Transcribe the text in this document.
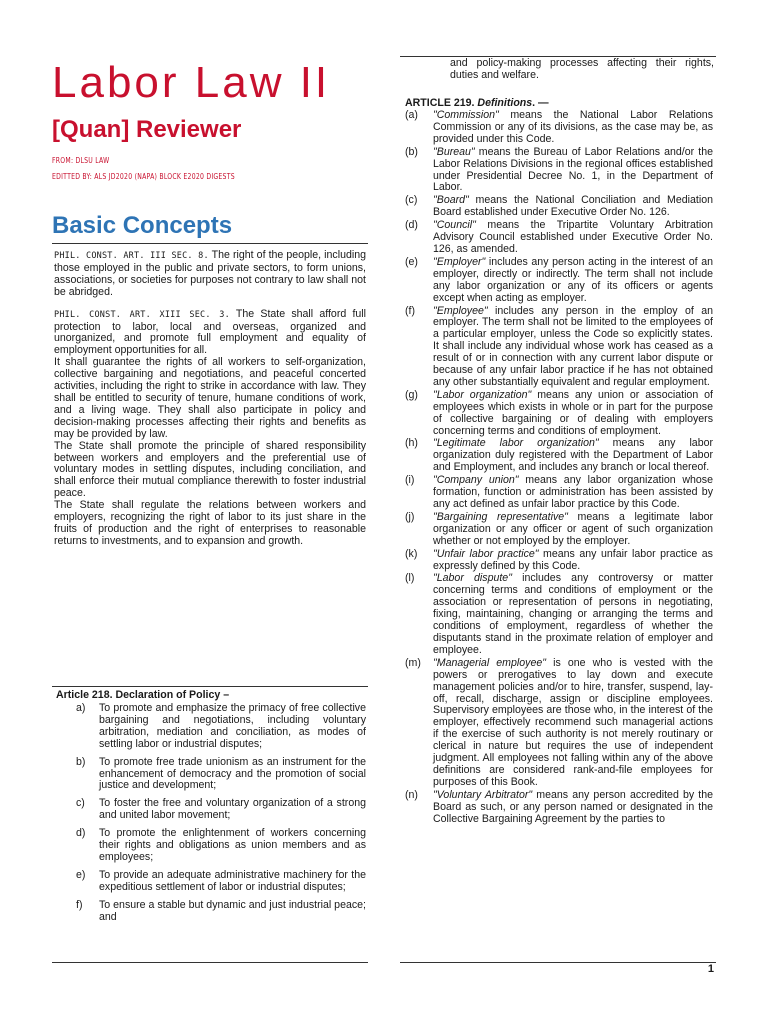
Labor Law II
[Quan] Reviewer
FROM: DLSU LAW
EDITTED BY: ALS JD2020 (NAPA) BLOCK E2020 DIGESTS
Basic Concepts

PHIL. CONST. ART. III SEC. 8. The right of the people, including those employed in the public and private sectors, to form unions, associations, or societies for purposes not contrary to law shall not be abridged.

PHIL. CONST. ART. XIII SEC. 3. The State shall afford full protection to labor, local and overseas, organized and unorganized, and promote full employment and equality of employment opportunities for all.

It shall guarantee the rights of all workers to self-organization, collective bargaining and negotiations, and peaceful concerted activities, including the right to strike in accordance with law. They shall be entitled to security of tenure, humane conditions of work, and a living wage. They shall also participate in policy and decision-making processes affecting their rights and benefits as may be provided by law.

The State shall promote the principle of shared responsibility between workers and employers and the preferential use of voluntary modes in settling disputes, including conciliation, and shall enforce their mutual compliance therewith to foster industrial peace.

The State shall regulate the relations between workers and employers, recognizing the right of labor to its just share in the fruits of production and the right of enterprises to reasonable returns to investments, and to expansion and growth.

Article 218. Declaration of Policy –
a) To promote and emphasize the primacy of free collective bargaining and negotiations, including voluntary arbitration, mediation and conciliation, as modes of settling labor or industrial disputes;
b) To promote free trade unionism as an instrument for the enhancement of democracy and the promotion of social justice and development;
c) To foster the free and voluntary organization of a strong and united labor movement;
d) To promote the enlightenment of workers concerning their rights and obligations as union members and as employees;
e) To provide an adequate administrative machinery for the expeditious settlement of labor or industrial disputes;
f) To ensure a stable but dynamic and just industrial peace; and

and policy-making processes affecting their rights, duties and welfare.

ARTICLE 219. Definitions. —
(a) "Commission" means the National Labor Relations Commission or any of its divisions, as the case may be, as provided under this Code.
(b) "Bureau" means the Bureau of Labor Relations and/or the Labor Relations Divisions in the regional offices established under Presidential Decree No. 1, in the Department of Labor.
(c) "Board" means the National Conciliation and Mediation Board established under Executive Order No. 126.
(d) "Council" means the Tripartite Voluntary Arbitration Advisory Council established under Executive Order No. 126, as amended.
(e) "Employer" includes any person acting in the interest of an employer, directly or indirectly. The term shall not include any labor organization or any of its officers or agents except when acting as employer.
(f) "Employee" includes any person in the employ of an employer. The term shall not be limited to the employees of a particular employer, unless the Code so explicitly states. It shall include any individual whose work has ceased as a result of or in connection with any current labor dispute or because of any unfair labor practice if he has not obtained any other substantially equivalent and regular employment.
(g) "Labor organization" means any union or association of employees which exists in whole or in part for the purpose of collective bargaining or of dealing with employers concerning terms and conditions of employment.
(h) "Legitimate labor organization" means any labor organization duly registered with the Department of Labor and Employment, and includes any branch or local thereof.
(i) "Company union" means any labor organization whose formation, function or administration has been assisted by any act defined as unfair labor practice by this Code.
(j) "Bargaining representative" means a legitimate labor organization or any officer or agent of such organization whether or not employed by the employer.
(k) "Unfair labor practice" means any unfair labor practice as expressly defined by this Code.
(l) "Labor dispute" includes any controversy or matter concerning terms and conditions of employment or the association or representation of persons in negotiating, fixing, maintaining, changing or arranging the terms and conditions of employment, regardless of whether the disputants stand in the proximate relation of employer and employee.
(m) "Managerial employee" is one who is vested with the powers or prerogatives to lay down and execute management policies and/or to hire, transfer, suspend, lay-off, recall, discharge, assign or discipline employees. Supervisory employees are those who, in the interest of the employer, effectively recommend such managerial actions if the exercise of such authority is not merely routinary or clerical in nature but requires the use of independent judgment. All employees not falling within any of the above definitions are considered rank-and-file employees for purposes of this Book.
(n) "Voluntary Arbitrator" means any person accredited by the Board as such, or any person named or designated in the Collective Bargaining Agreement by the parties to
1
